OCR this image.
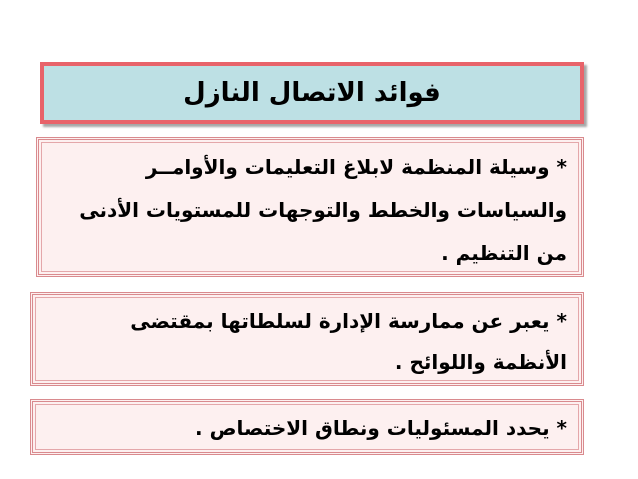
فوائد الاتصال النازل
* وسيلة المنظمة لابلاغ التعليمات والأوامــر
والسياسات والخطط والتوجهات للمستويات الأدنى
من التنظيم .
* يعبر عن ممارسة الإدارة لسلطاتها بمقتضى
الأنظمة واللوائح .
* يحدد المسئوليات ونطاق الاختصاص .
